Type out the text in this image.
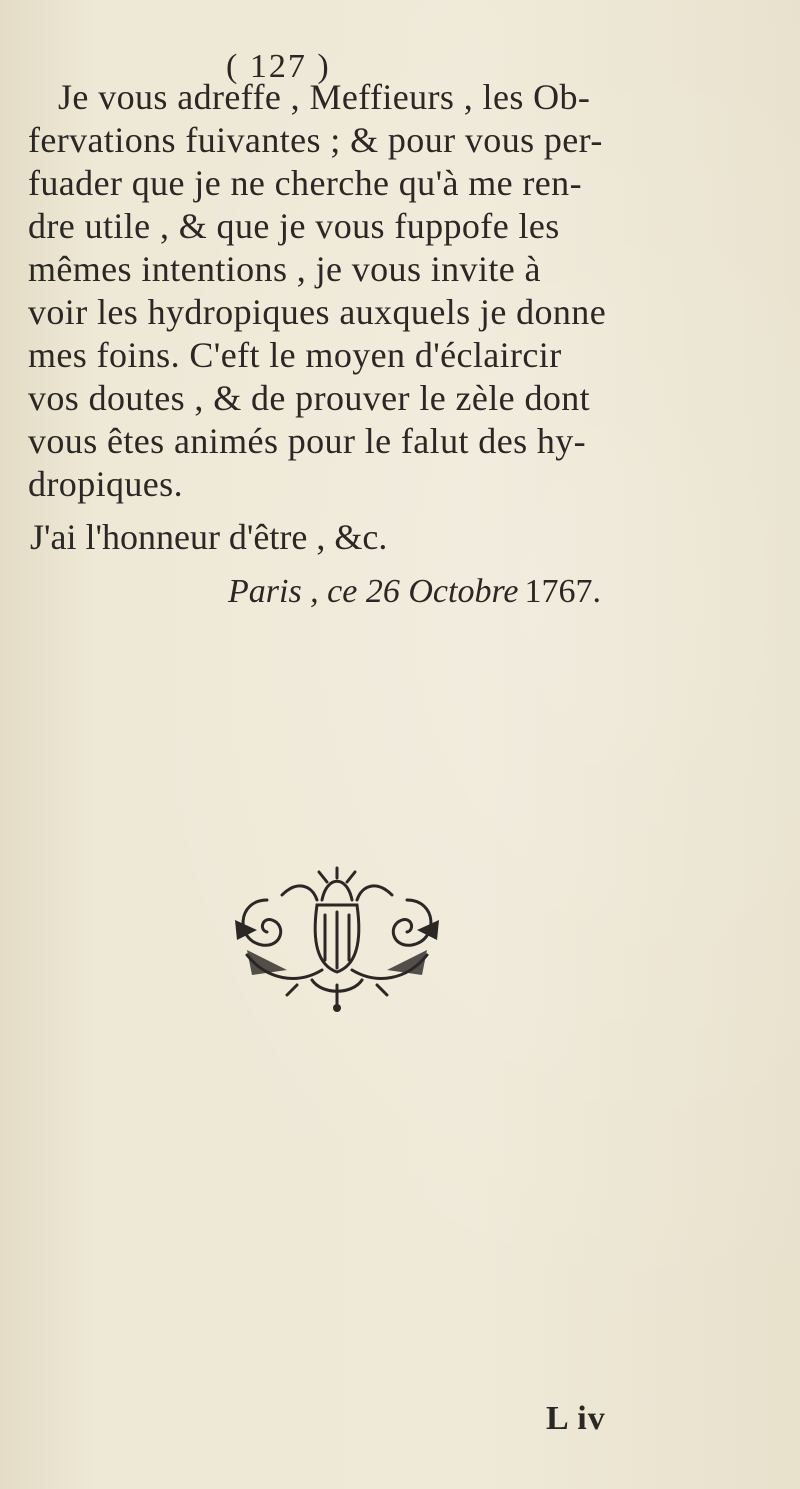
( 127 )

Je vous adreffe , Meffieurs , les Ob-
fervations fuivantes ; & pour vous per-
fuader que je ne cherche qu'à me ren-
dre utile , & que je vous fuppofe les
mêmes intentions , je vous invite à
voir les hydropiques auxquels je donne
mes foins. C'eft le moyen d'éclaircir
vos doutes , & de prouver le zèle dont
vous êtes animés pour le falut des hy-
dropiques.

J'ai l'honneur d'être , &c.
Paris , ce 26 Octobre 1767.
L iv
